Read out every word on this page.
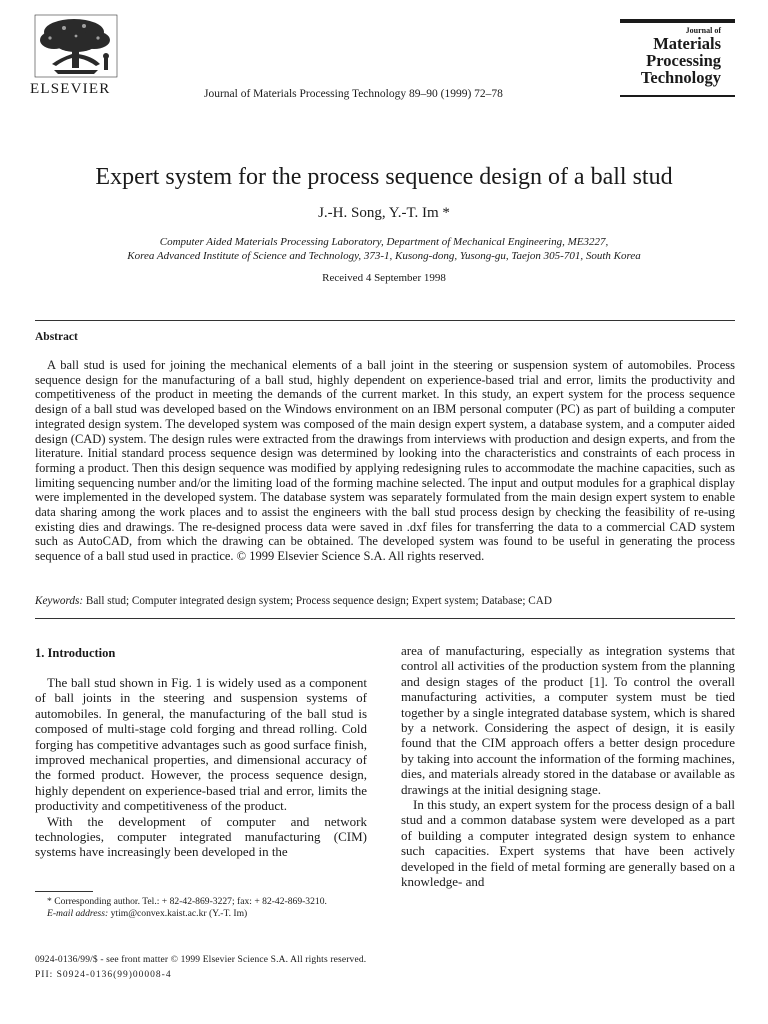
ELSEVIER	Journal of Materials Processing Technology 89–90 (1999) 72–78
Journal of
Materials
Processing
Technology
Expert system for the process sequence design of a ball stud
J.-H. Song, Y.-T. Im *
Computer Aided Materials Processing Laboratory, Department of Mechanical Engineering, ME3227,
Korea Advanced Institute of Science and Technology, 373-1, Kusong-dong, Yusong-gu, Taejon 305-701, South Korea
Received 4 September 1998
Abstract
A ball stud is used for joining the mechanical elements of a ball joint in the steering or suspension system of automobiles. Process sequence design for the manufacturing of a ball stud, highly dependent on experience-based trial and error, limits the productivity and competitiveness of the product in meeting the demands of the current market. In this study, an expert system for the process sequence design of a ball stud was developed based on the Windows environment on an IBM personal computer (PC) as part of building a computer integrated design system. The developed system was composed of the main design expert system, a database system, and a computer aided design (CAD) system. The design rules were extracted from the drawings from interviews with production and design experts, and from the literature. Initial standard process sequence design was determined by looking into the characteristics and constraints of each process in forming a product. Then this design sequence was modified by applying redesigning rules to accommodate the machine capacities, such as limiting sequencing number and/or the limiting load of the forming machine selected. The input and output modules for a graphical display were implemented in the developed system. The database system was separately formulated from the main design expert system to enable data sharing among the work places and to assist the engineers with the ball stud process design by checking the feasibility of re-using existing dies and drawings. The re-designed process data were saved in .dxf files for transferring the data to a commercial CAD system such as AutoCAD, from which the drawing can be obtained. The developed system was found to be useful in generating the process sequence of a ball stud used in practice. © 1999 Elsevier Science S.A. All rights reserved.
Keywords: Ball stud; Computer integrated design system; Process sequence design; Expert system; Database; CAD
1. Introduction

The ball stud shown in Fig. 1 is widely used as a component of ball joints in the steering and suspension systems of automobiles. In general, the manufacturing of the ball stud is composed of multi-stage cold forging and thread rolling. Cold forging has competitive advantages such as good surface finish, improved mechanical properties, and dimensional accuracy of the formed product. However, the process sequence design, highly dependent on experience-based trial and error, limits the productivity and competitiveness of the product.

With the development of computer and network technologies, computer integrated manufacturing (CIM) systems have increasingly been developed in the

area of manufacturing, especially as integration systems that control all activities of the production system from the planning and design stages of the product [1]. To control the overall manufacturing activities, a computer system must be tied together by a single integrated database system, which is shared by a network. Considering the aspect of design, it is easily found that the CIM approach offers a better design procedure by taking into account the information of the forming machines, dies, and materials already stored in the database or available as drawings at the initial designing stage.

In this study, an expert system for the process design of a ball stud and a common database system were developed as a part of building a computer integrated design system to enhance such capacities. Expert systems that have been actively developed in the field of metal forming are generally based on a knowledge- and

* Corresponding author. Tel.: + 82-42-869-3227; fax: + 82-42-869-3210.

E-mail address: ytim@convex.kaist.ac.kr (Y.-T. Im)

0924-0136/99/$ - see front matter © 1999 Elsevier Science S.A. All rights reserved.
PII: S0924-0136(99)00008-4
